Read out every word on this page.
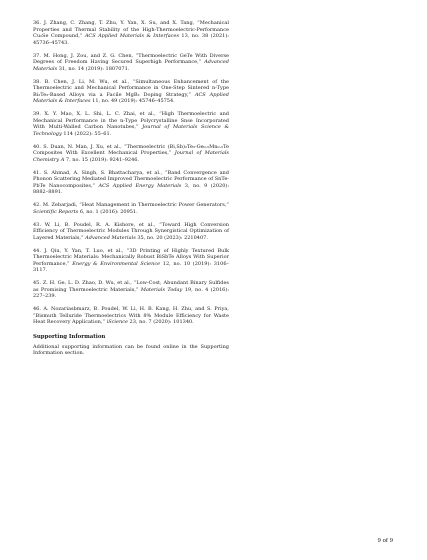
36. J. Zhang, C. Zhang, T. Zhu, Y. Yan, X. Su, and X. Tang, “Mechanical Properties and Thermal Stability of the High-Thermoelectric-Performance Cu₂Se Compound,” ACS Applied Materials & Interfaces 13, no. 38 (2021): 45736–45743.

37. M. Hong, J. Zou, and Z. G. Chen, “Thermoelectric GeTe With Diverse Degrees of Freedom Having Secured Superhigh Performance,” Advanced Materials 31, no. 14 (2019): 1807071.

38. B. Chen, J. Li, M. Wu, et al., “Simultaneous Enhancement of the Thermoelectric and Mechanical Performance in One-Step Sintered n-Type Bi₂Te₃-Based Alloys via a Facile MgB₂ Doping Strategy,” ACS Applied Materials & Interfaces 11, no. 49 (2019): 45746–45754.

39. X. Y. Mao, X. L. Shi, L. C. Zhai, et al., “High Thermoelectric and Mechanical Performance in the n-Type Polycrystalline Snse Incorporated With Multi-Walled Carbon Nanotubes,” Journal of Materials Science & Technology 114 (2022): 55–61.

40. S. Duan, N. Man, J. Xu, et al., “Thermoelectric (Bi,Sb)₂Te₃-Ge₀.₅Mn₀.₅Te Composites With Excellent Mechanical Properties,” Journal of Materials Chemistry A 7, no. 15 (2019): 9241–9246.

41. S. Ahmad, A. Singh, S. Bhattacharya, et al., “Band Convergence and Phonon Scattering Mediated Improved Thermoelectric Performance of SnTe-PbTe Nanocomposites,” ACS Applied Energy Materials 3, no. 9 (2020): 8882–8891.

42. M. Zebarjadi, “Heat Management in Thermoelectric Power Generators,” Scientific Reports 6, no. 1 (2016): 20951.

43. W. Li, B. Poudel, R. A. Kishore, et al., “Toward High Conversion Efficiency of Thermoelectric Modules Through Synergistical Optimization of Layered Materials,” Advanced Materials 35, no. 20 (2023): 2210407.

44. J. Qiu, Y. Yan, T. Luo, et al., “3D Printing of Highly Textured Bulk Thermoelectric Materials: Mechanically Robust BiSbTe Alloys With Superior Performance,” Energy & Environmental Science 12, no. 10 (2019): 3106–3117.

45. Z. H. Ge, L. D. Zhao, D. Wu, et al., “Low-Cost, Abundant Binary Sulfides as Promising Thermoelectric Materials,” Materials Today 19, no. 4 (2016): 227–239.

46. A. Nozariasbmarz, B. Poudel, W. Li, H. B. Kang, H. Zhu, and S. Priya, “Bismuth Telluride Thermoelectrics With 8% Module Efficiency for Waste Heat Recovery Application,” iScience 23, no. 7 (2020): 101340.

Supporting Information

Additional supporting information can be found online in the Supporting Information section.

9 of 9
